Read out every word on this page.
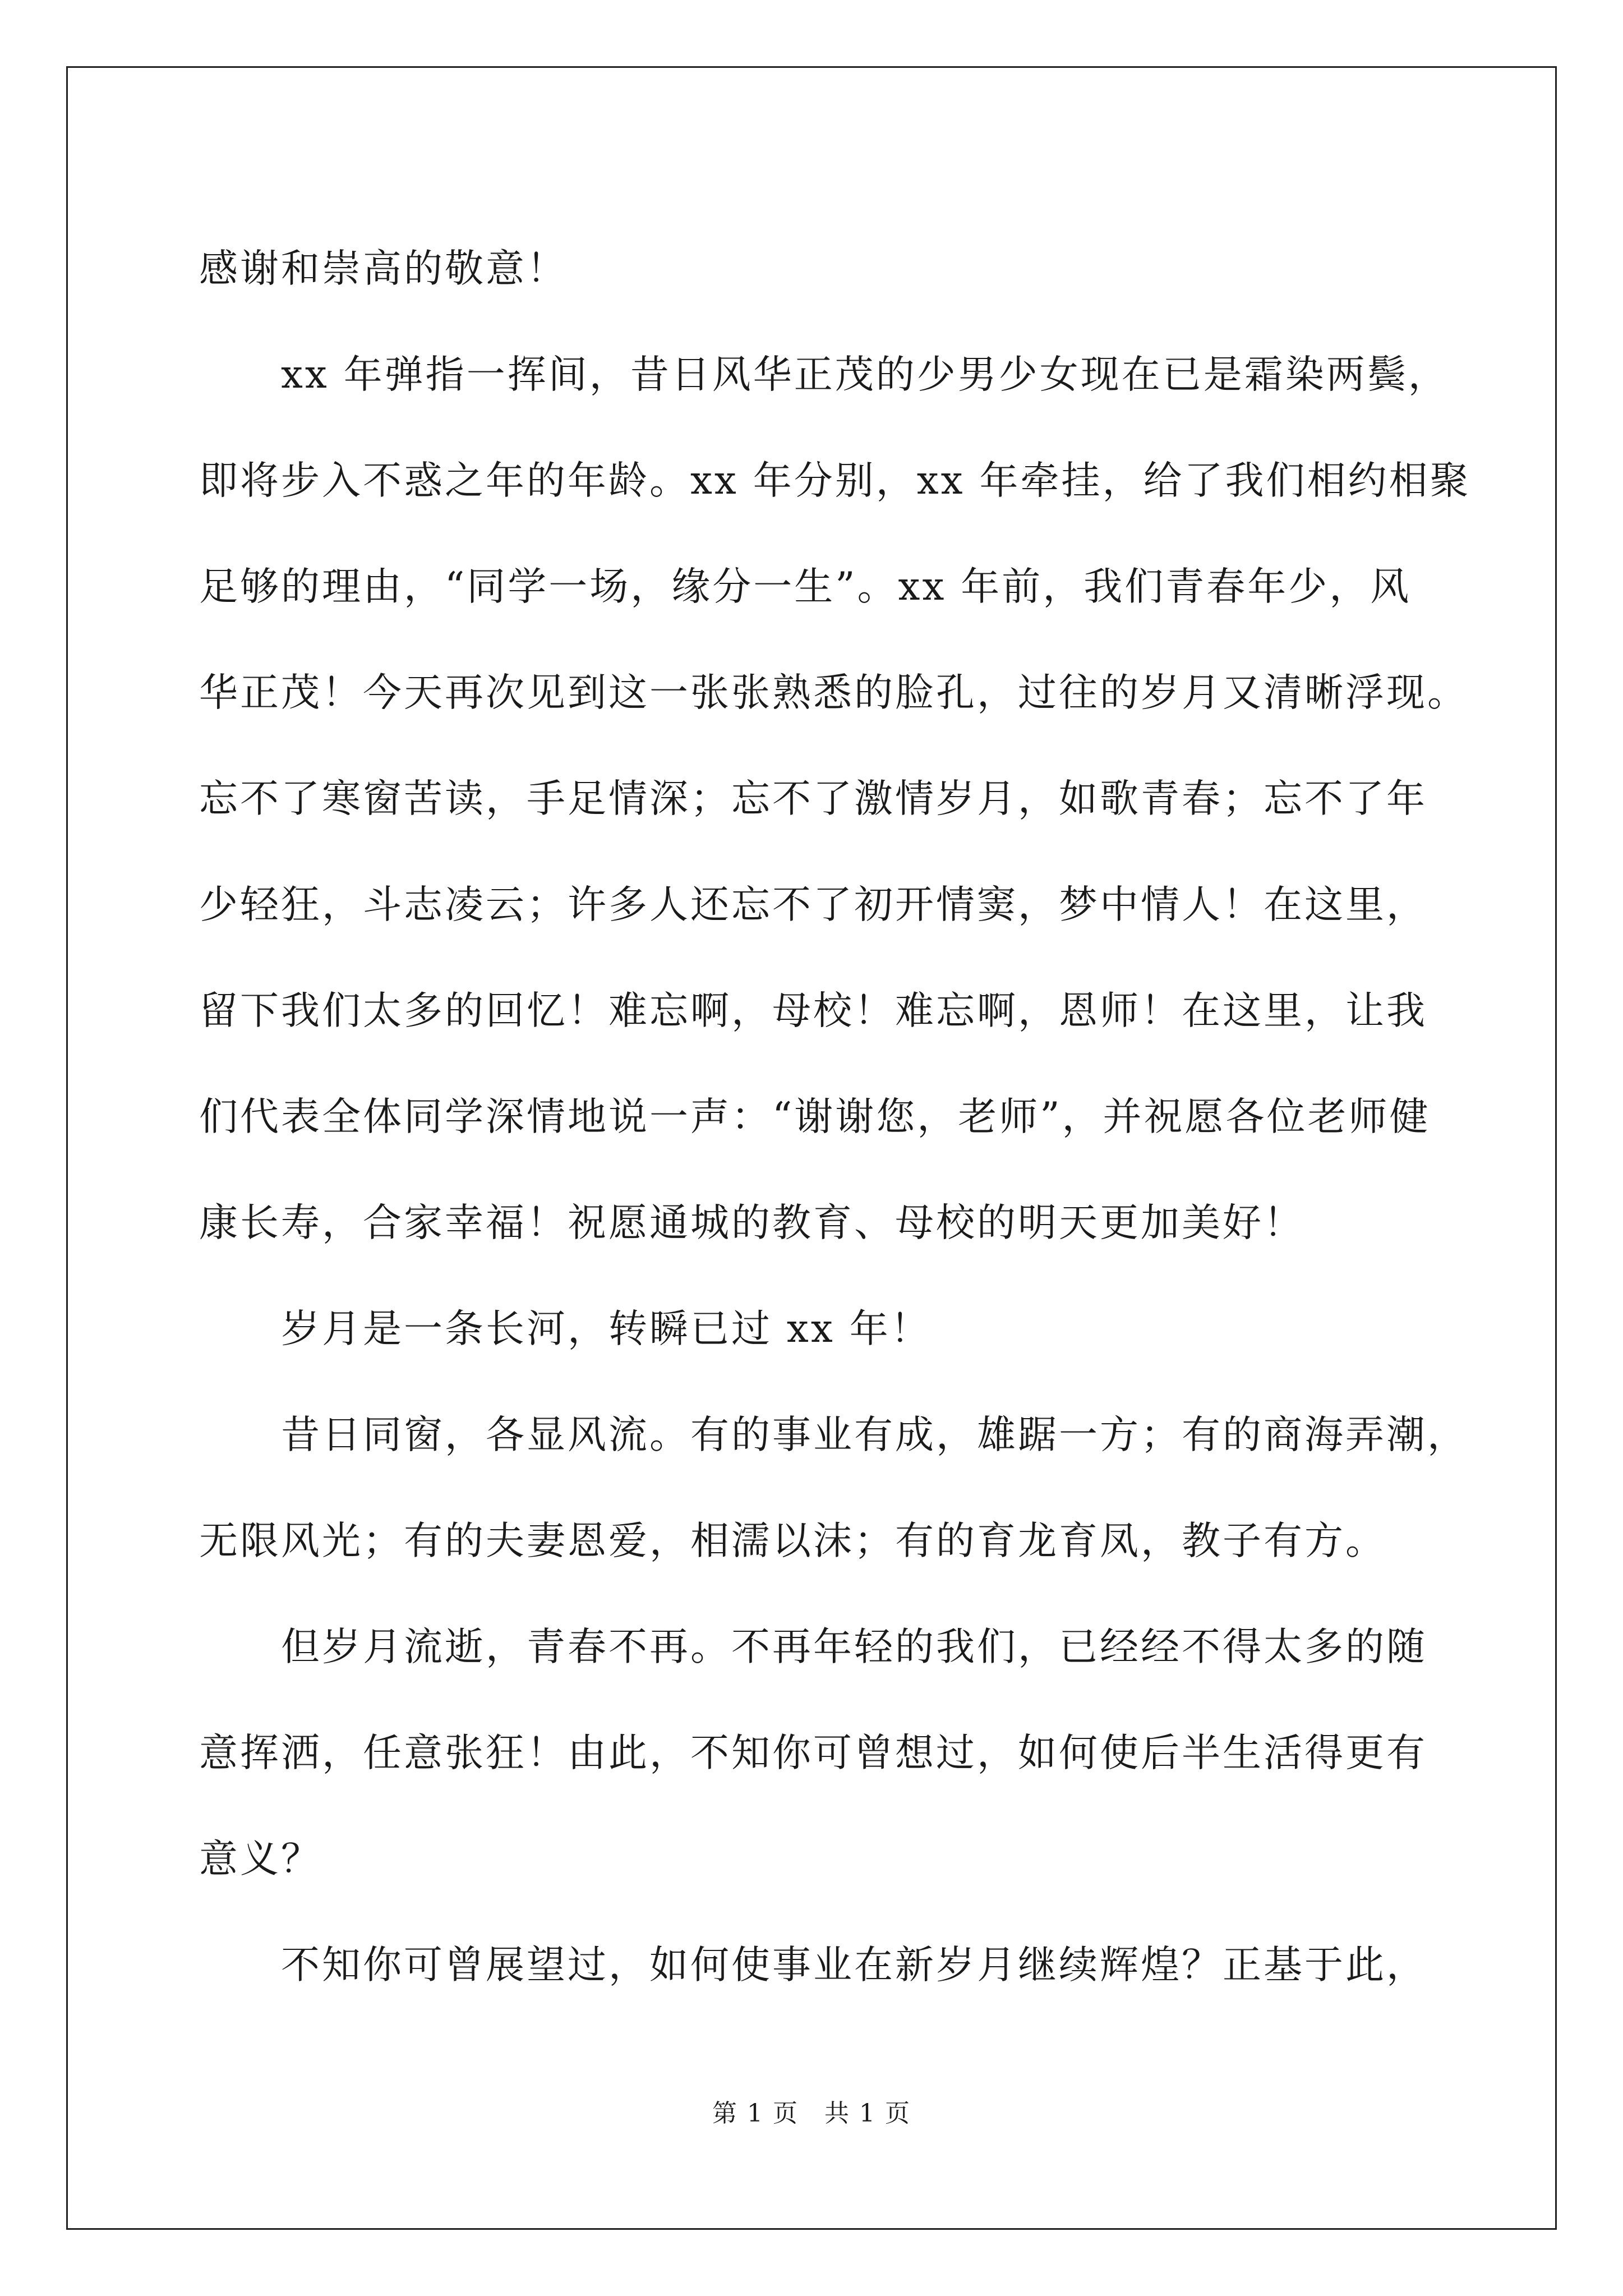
感谢和崇高的敬意！

　　xx 年弹指一挥间，昔日风华正茂的少男少女现在已是霜染两鬓，

即将步入不惑之年的年龄。xx 年分别，xx 年牵挂，给了我们相约相聚

足够的理由，“同学一场，缘分一生”。xx 年前，我们青春年少，风

华正茂！今天再次见到这一张张熟悉的脸孔，过往的岁月又清晰浮现。

忘不了寒窗苦读，手足情深；忘不了激情岁月，如歌青春；忘不了年

少轻狂，斗志凌云；许多人还忘不了初开情窦，梦中情人！在这里，

留下我们太多的回忆！难忘啊，母校！难忘啊，恩师！在这里，让我

们代表全体同学深情地说一声：“谢谢您，老师”，并祝愿各位老师健

康长寿，合家幸福！祝愿通城的教育、母校的明天更加美好！

　　岁月是一条长河，转瞬已过 xx 年！

　　昔日同窗，各显风流。有的事业有成，雄踞一方；有的商海弄潮，

无限风光；有的夫妻恩爱，相濡以沫；有的育龙育凤，教子有方。

　　但岁月流逝，青春不再。不再年轻的我们，已经经不得太多的随

意挥洒，任意张狂！由此，不知你可曾想过，如何使后半生活得更有

意义？

　　不知你可曾展望过，如何使事业在新岁月继续辉煌？正基于此，

第 1 页　共 1 页
